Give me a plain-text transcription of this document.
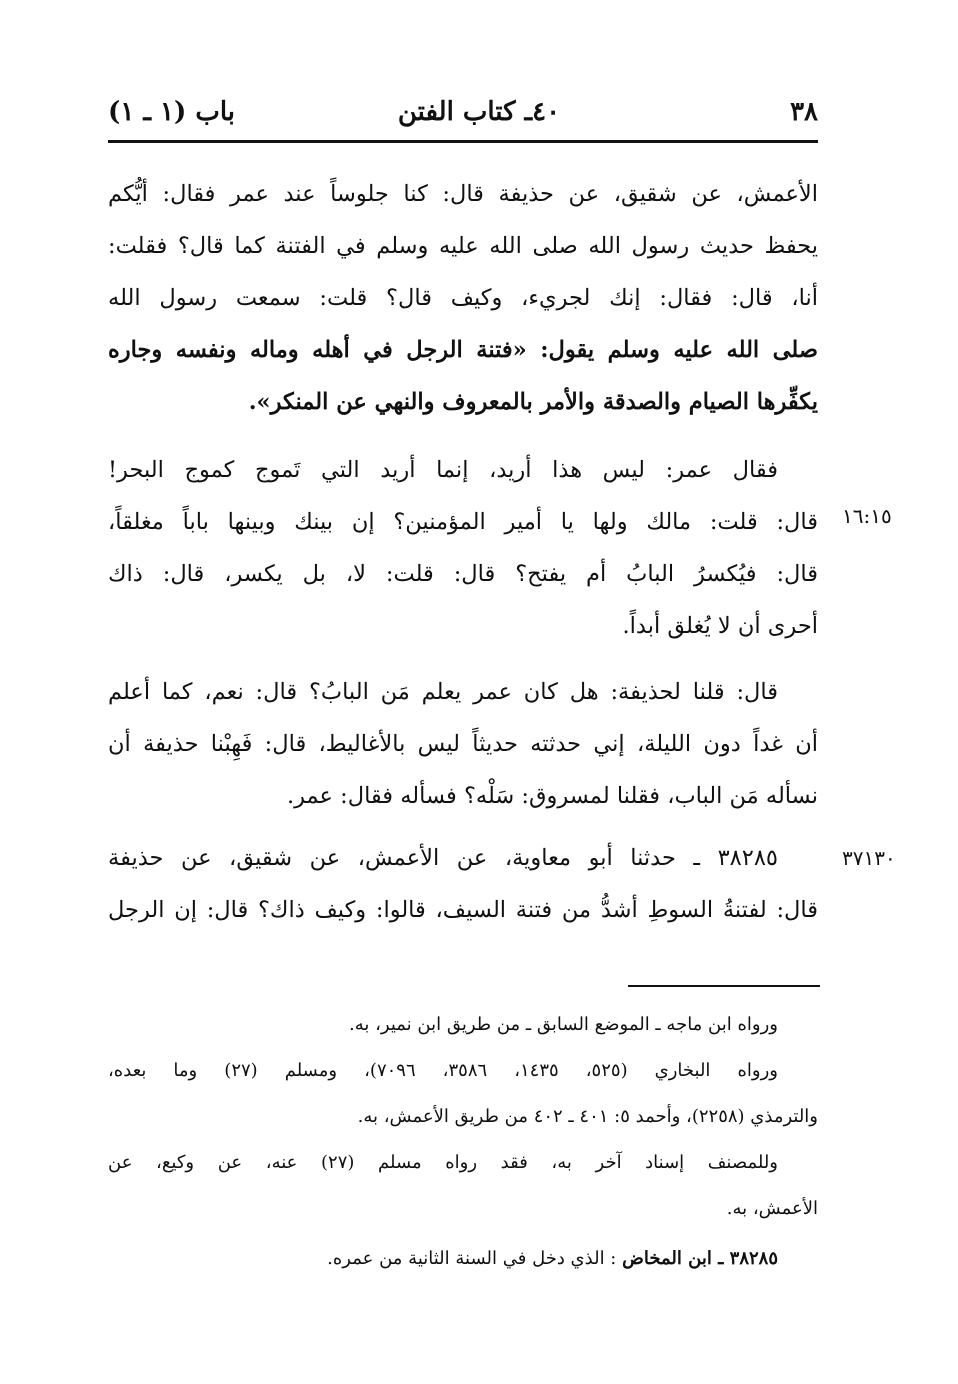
٣٨
٤٠ـ كتاب الفتن
باب (١ ـ ١)
الأعمش، عن شقيق، عن حذيفة قال: كنا جلوساً عند عمر فقال: أيُّكم
يحفظ حديث رسول الله صلى الله عليه وسلم في الفتنة كما قال؟ فقلت:
أنا، قال: فقال: إنك لجريء، وكيف قال؟ قلت: سمعت رسول الله
صلى الله عليه وسلم يقول: «فتنة الرجل في أهله وماله ونفسه وجاره
يكفِّرها الصيام والصدقة والأمر بالمعروف والنهي عن المنكر».
فقال عمر: ليس هذا أريد، إنما أريد التي تَموج كموج البحر!
قال: قلت: مالك ولها يا أمير المؤمنين؟ إن بينك وبينها باباً مغلقاً،
قال: فيُكسرُ البابُ أم يفتح؟ قال: قلت: لا، بل يكسر، قال: ذاك
أحرى أن لا يُغلق أبداً.
١٦:١٥
قال: قلنا لحذيفة: هل كان عمر يعلم مَن البابُ؟ قال: نعم، كما أعلم
أن غداً دون الليلة، إني حدثته حديثاً ليس بالأغاليط، قال: فَهِبْنا حذيفة أن
نسأله مَن الباب، فقلنا لمسروق: سَلْه؟ فسأله فقال: عمر.
٣٨٢٨٥ ـ حدثنا أبو معاوية، عن الأعمش، عن شقيق، عن حذيفة
قال: لفتنةُ السوطِ أشدُّ من فتنة السيف، قالوا: وكيف ذاك؟ قال: إن الرجل
٣٧١٣٠
ورواه ابن ماجه ـ الموضع السابق ـ من طريق ابن نمير، به.
ورواه البخاري (٥٢٥، ١٤٣٥، ٣٥٨٦، ٧٠٩٦)، ومسلم (٢٧) وما بعده،
والترمذي (٢٢٥٨)، وأحمد ٥: ٤٠١ ـ ٤٠٢ من طريق الأعمش، به.
وللمصنف إسناد آخر به، فقد رواه مسلم (٢٧) عنه، عن وكيع، عن
الأعمش، به.
٣٨٢٨٥ ـ ابن المخاض : الذي دخل في السنة الثانية من عمره.
